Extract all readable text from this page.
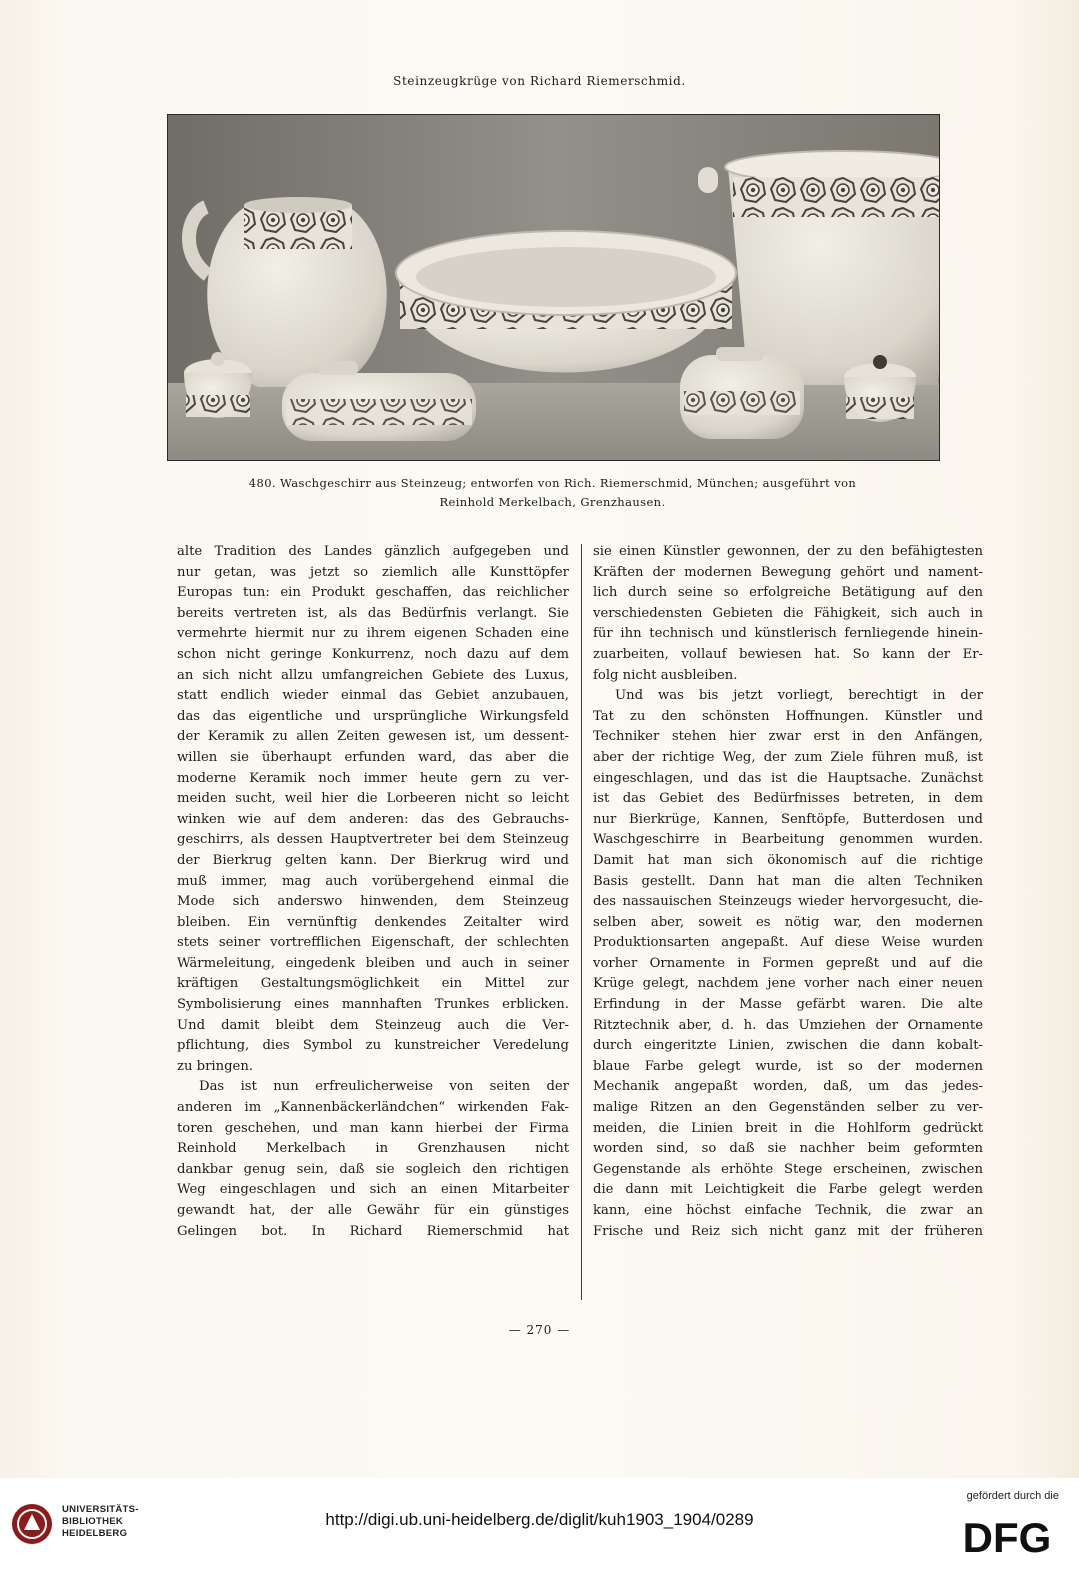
Steinzeugkrüge von Richard Riemerschmid.
480. Waschgeschirr aus Steinzeug; entworfen von Rich. Riemerschmid, München; ausgeführt von
Reinhold Merkelbach, Grenzhausen.
alte Tradition des Landes gänzlich aufgegeben und
nur getan, was jetzt so ziemlich alle Kunsttöpfer
Europas tun: ein Produkt geschaffen, das reichlicher
bereits vertreten ist, als das Bedürfnis verlangt. Sie
vermehrte hiermit nur zu ihrem eigenen Schaden eine
schon nicht geringe Konkurrenz, noch dazu auf dem
an sich nicht allzu umfangreichen Gebiete des Luxus,
statt endlich wieder einmal das Gebiet anzubauen,
das das eigentliche und ursprüngliche Wirkungsfeld
der Keramik zu allen Zeiten gewesen ist, um dessent-
willen sie überhaupt erfunden ward, das aber die
moderne Keramik noch immer heute gern zu ver-
meiden sucht, weil hier die Lorbeeren nicht so leicht
winken wie auf dem anderen: das des Gebrauchs-
geschirrs, als dessen Hauptvertreter bei dem Steinzeug
der Bierkrug gelten kann. Der Bierkrug wird und
muß immer, mag auch vorübergehend einmal die
Mode sich anderswo hinwenden, dem Steinzeug
bleiben. Ein vernünftig denkendes Zeitalter wird
stets seiner vortrefflichen Eigenschaft, der schlechten
Wärmeleitung, eingedenk bleiben und auch in seiner
kräftigen Gestaltungsmöglichkeit ein Mittel zur
Symbolisierung eines mannhaften Trunkes erblicken.
Und damit bleibt dem Steinzeug auch die Ver-
pflichtung, dies Symbol zu kunstreicher Veredelung
zu bringen.
Das ist nun erfreulicherweise von seiten der
anderen im „Kannenbäckerländchen“ wirkenden Fak-
toren geschehen, und man kann hierbei der Firma
Reinhold Merkelbach in Grenzhausen nicht
dankbar genug sein, daß sie sogleich den richtigen
Weg eingeschlagen und sich an einen Mitarbeiter
gewandt hat, der alle Gewähr für ein günstiges
Gelingen bot. In Richard Riemerschmid hat
sie einen Künstler gewonnen, der zu den befähigtesten
Kräften der modernen Bewegung gehört und nament-
lich durch seine so erfolgreiche Betätigung auf den
verschiedensten Gebieten die Fähigkeit, sich auch in
für ihn technisch und künstlerisch fernliegende hinein-
zuarbeiten, vollauf bewiesen hat. So kann der Er-
folg nicht ausbleiben.
Und was bis jetzt vorliegt, berechtigt in der
Tat zu den schönsten Hoffnungen. Künstler und
Techniker stehen hier zwar erst in den Anfängen,
aber der richtige Weg, der zum Ziele führen muß, ist
eingeschlagen, und das ist die Hauptsache. Zunächst
ist das Gebiet des Bedürfnisses betreten, in dem
nur Bierkrüge, Kannen, Senftöpfe, Butterdosen und
Waschgeschirre in Bearbeitung genommen wurden.
Damit hat man sich ökonomisch auf die richtige
Basis gestellt. Dann hat man die alten Techniken
des nassauischen Steinzeugs wieder hervorgesucht, die-
selben aber, soweit es nötig war, den modernen
Produktionsarten angepaßt. Auf diese Weise wurden
vorher Ornamente in Formen gepreßt und auf die
Krüge gelegt, nachdem jene vorher nach einer neuen
Erfindung in der Masse gefärbt waren. Die alte
Ritztechnik aber, d. h. das Umziehen der Ornamente
durch eingeritzte Linien, zwischen die dann kobalt-
blaue Farbe gelegt wurde, ist so der modernen
Mechanik angepaßt worden, daß, um das jedes-
malige Ritzen an den Gegenständen selber zu ver-
meiden, die Linien breit in die Hohlform gedrückt
worden sind, so daß sie nachher beim geformten
Gegenstande als erhöhte Stege erscheinen, zwischen
die dann mit Leichtigkeit die Farbe gelegt werden
kann, eine höchst einfache Technik, die zwar an
Frische und Reiz sich nicht ganz mit der früheren
— 270 —
UNIVERSITÄTS-
BIBLIOTHEK
HEIDELBERG
http://digi.ub.uni-heidelberg.de/diglit/kuh1903_1904/0289
gefördert durch die
DFG
